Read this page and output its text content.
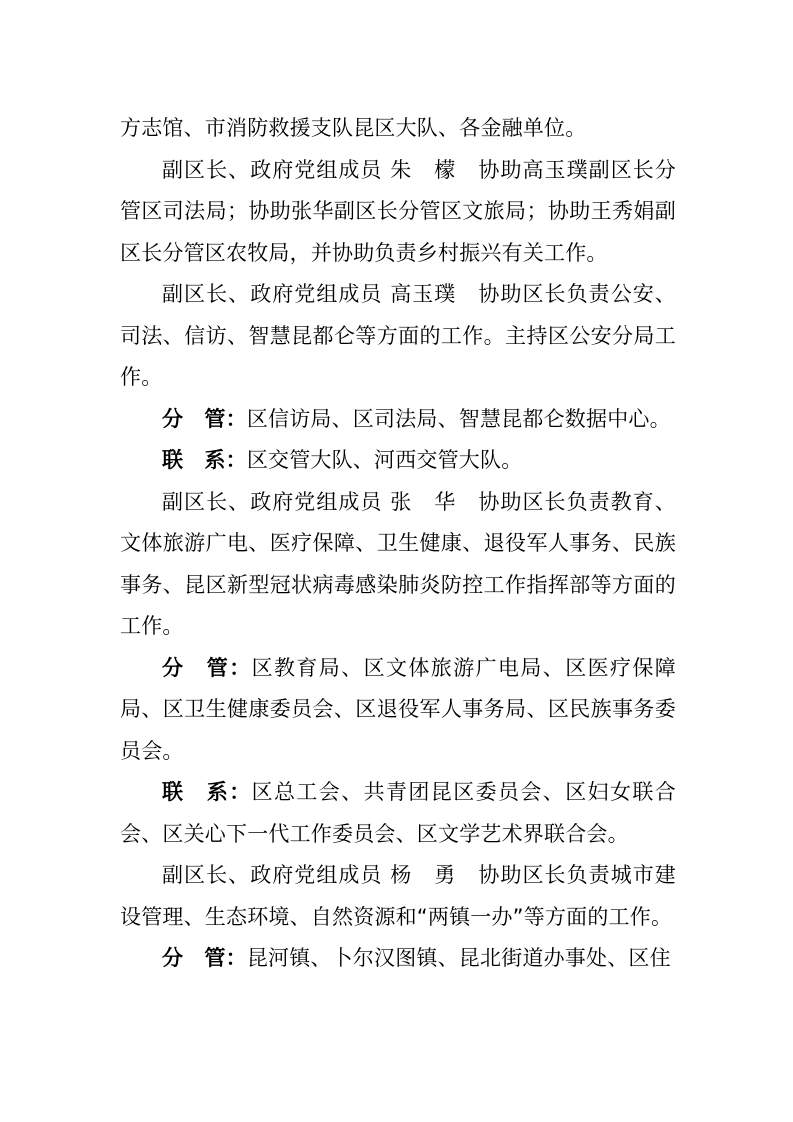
方志馆、市消防救援支队昆区大队、各金融单位。

副区长、政府党组成员 朱　檬　协助高玉璞副区长分管区司法局；协助张华副区长分管区文旅局；协助王秀娟副区长分管区农牧局，并协助负责乡村振兴有关工作。

副区长、政府党组成员 高玉璞　协助区长负责公安、司法、信访、智慧昆都仑等方面的工作。主持区公安分局工作。

分　管：区信访局、区司法局、智慧昆都仑数据中心。

联　系：区交管大队、河西交管大队。

副区长、政府党组成员 张　华　协助区长负责教育、文体旅游广电、医疗保障、卫生健康、退役军人事务、民族事务、昆区新型冠状病毒感染肺炎防控工作指挥部等方面的工作。

分　管：区教育局、区文体旅游广电局、区医疗保障局、区卫生健康委员会、区退役军人事务局、区民族事务委员会。

联　系：区总工会、共青团昆区委员会、区妇女联合会、区关心下一代工作委员会、区文学艺术界联合会。

副区长、政府党组成员 杨　勇　协助区长负责城市建设管理、生态环境、自然资源和“两镇一办”等方面的工作。

分　管：昆河镇、卜尔汉图镇、昆北街道办事处、区住
